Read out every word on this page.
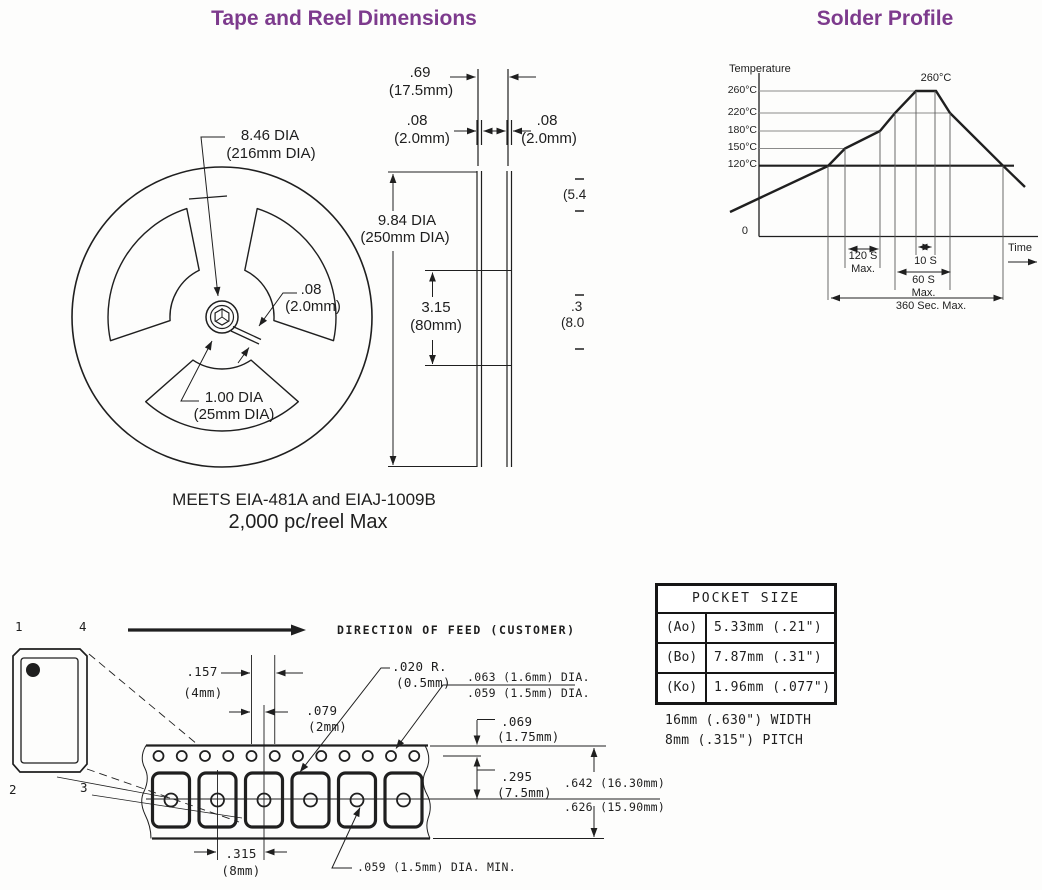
Tape and Reel Dimensions	Solder Profile
8.46 DIA
(216mm DIA)
.08
(2.0mm)
1.00 DIA
(25mm DIA)
.69
(17.5mm)
.08
(2.0mm)
.08
(2.0mm)
9.84 DIA
(250mm DIA)
3.15
(80mm)
(5.4
.3
(8.0
MEETS EIA-481A and EIAJ-1009B
2,000 pc/reel Max
Temperature
260°C
220°C
180°C
150°C
120°C
0
260°C
120 S
Max.
10 S
60 S
Max.
360 Sec. Max.
Time
DIRECTION OF FEED (CUSTOMER)
1	4
2	3
.157
(4mm)
.079
(2mm)
.020 R.
(0.5mm) .063 (1.6mm) DIA.
.059 (1.5mm) DIA.
.069
(1.75mm)
.295
(7.5mm)
.642 (16.30mm)
.626 (15.90mm)
.315
(8mm)	.059 (1.5mm) DIA. MIN.
POCKET SIZE
(Ao)	5.33mm (.21")
(Bo)	7.87mm (.31")
(Ko)	1.96mm (.077")
16mm (.630") WIDTH
8mm (.315") PITCH
